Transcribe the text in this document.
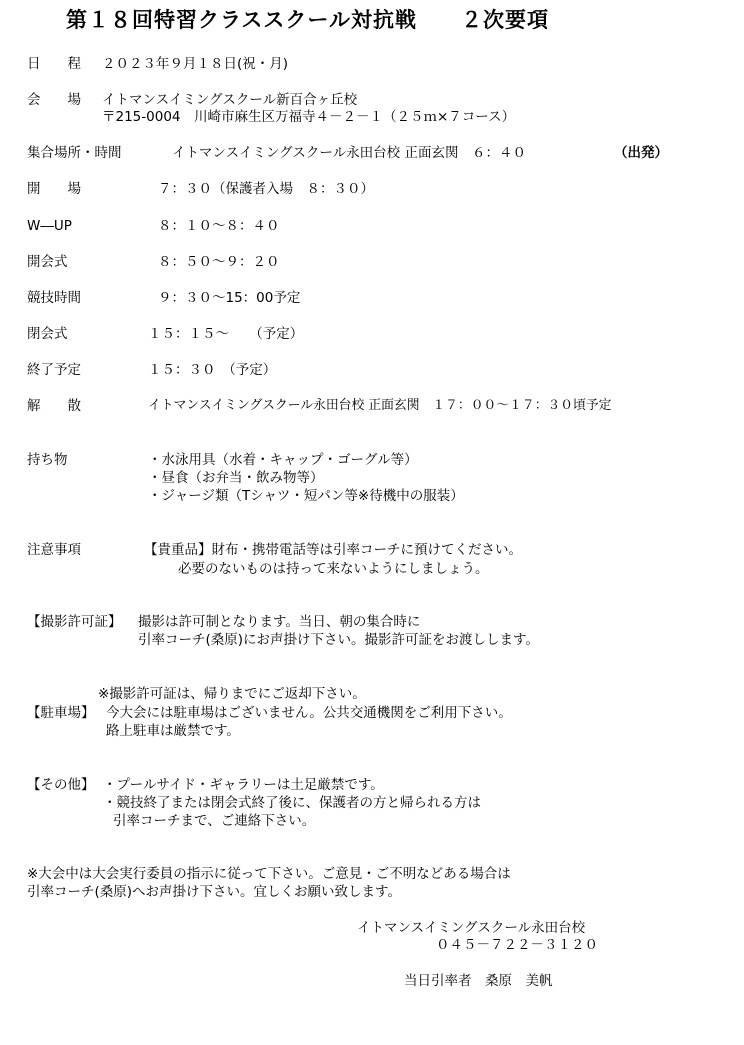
第１８回特習クラススクール対抗戦　　２次要項
日　　程 ２０２３年９月１８日(祝・月)
会　　場 イトマンスイミングスクール新百合ヶ丘校
〒215-0004　川崎市麻生区万福寺４－２－１（２５ｍ×７コース）
集合場所・時間	イトマンスイミングスクール永田台校 正面玄関　６：４０	（出発）
開　　場	７：３０（保護者入場　８：３０）
W―UP	８：１０～８：４０
開会式	８：５０～９：２０
競技時間	９：３０～15：00予定
閉会式	１５：１５～　　（予定）
終了予定	１５：３０　（予定）
解　　散	イトマンスイミングスクール永田台校 正面玄関　１７：００～１７：３０頃予定
持ち物	・水泳用具（水着・キャップ・ゴーグル等）
・昼食（お弁当・飲み物等）
・ジャージ類（Tシャツ・短パン等※待機中の服装）
注意事項	【貴重品】財布・携帯電話等は引率コーチに預けてください。
必要のないものは持って来ないようにしましょう。
【撮影許可証】 撮影は許可制となります。当日、朝の集合時に
引率コーチ(桑原)にお声掛け下さい。撮影許可証をお渡しします。
※撮影許可証は、帰りまでにご返却下さい。
【駐車場】 今大会には駐車場はございません。公共交通機関をご利用下さい。
路上駐車は厳禁です。
【その他】 ・プールサイド・ギャラリーは土足厳禁です。
・競技終了または閉会式終了後に、保護者の方と帰られる方は
引率コーチまで、ご連絡下さい。
※大会中は大会実行委員の指示に従って下さい。ご意見・ご不明などある場合は
引率コーチ(桑原)へお声掛け下さい。宜しくお願い致します。
イトマンスイミングスクール永田台校
０４５－７２２－３１２０
当日引率者　桑原　美帆
